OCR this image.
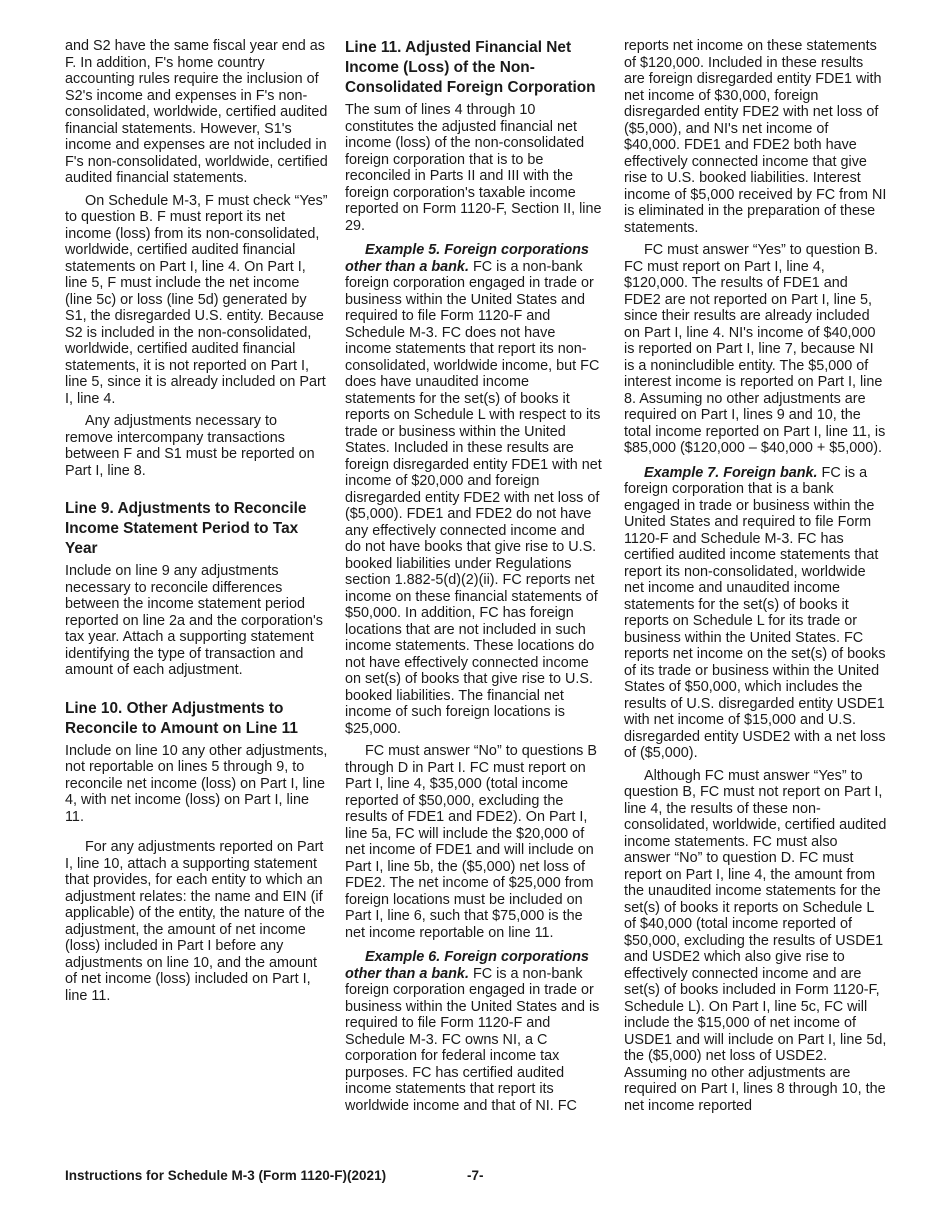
and S2 have the same fiscal year end as F. In addition, F's home country accounting rules require the inclusion of S2's income and expenses in F's non-consolidated, worldwide, certified audited financial statements. However, S1's income and expenses are not included in F's non-consolidated, worldwide, certified audited financial statements.

On Schedule M-3, F must check “Yes” to question B. F must report its net income (loss) from its non-consolidated, worldwide, certified audited financial statements on Part I, line 4. On Part I, line 5, F must include the net income (line 5c) or loss (line 5d) generated by S1, the disregarded U.S. entity. Because S2 is included in the non-consolidated, worldwide, certified audited financial statements, it is not reported on Part I, line 5, since it is already included on Part I, line 4.

Any adjustments necessary to remove intercompany transactions between F and S1 must be reported on Part I, line 8.

Line 9. Adjustments to Reconcile Income Statement Period to Tax Year

Include on line 9 any adjustments necessary to reconcile differences between the income statement period reported on line 2a and the corporation's tax year. Attach a supporting statement identifying the type of transaction and amount of each adjustment.

Line 10. Other Adjustments to Reconcile to Amount on Line 11

Include on line 10 any other adjustments, not reportable on lines 5 through 9, to reconcile net income (loss) on Part I, line 4, with net income (loss) on Part I, line 11.

For any adjustments reported on Part I, line 10, attach a supporting statement that provides, for each entity to which an adjustment relates: the name and EIN (if applicable) of the entity, the nature of the adjustment, the amount of net income (loss) included in Part I before any adjustments on line 10, and the amount of net income (loss) included on Part I, line 11.

Line 11. Adjusted Financial Net Income (Loss) of the Non-Consolidated Foreign Corporation

The sum of lines 4 through 10 constitutes the adjusted financial net income (loss) of the non-consolidated foreign corporation that is to be reconciled in Parts II and III with the foreign corporation's taxable income reported on Form 1120-F, Section II, line 29.

Example 5. Foreign corporations other than a bank. FC is a non-bank foreign corporation engaged in trade or business within the United States and required to file Form 1120-F and Schedule M-3. FC does not have income statements that report its non-consolidated, worldwide income, but FC does have unaudited income statements for the set(s) of books it reports on Schedule L with respect to its trade or business within the United States. Included in these results are foreign disregarded entity FDE1 with net income of $20,000 and foreign disregarded entity FDE2 with net loss of ($5,000). FDE1 and FDE2 do not have any effectively connected income and do not have books that give rise to U.S. booked liabilities under Regulations section 1.882-5(d)(2)(ii). FC reports net income on these financial statements of $50,000. In addition, FC has foreign locations that are not included in such income statements. These locations do not have effectively connected income on set(s) of books that give rise to U.S. booked liabilities. The financial net income of such foreign locations is $25,000.

FC must answer “No” to questions B through D in Part I. FC must report on Part I, line 4, $35,000 (total income reported of $50,000, excluding the results of FDE1 and FDE2). On Part I, line 5a, FC will include the $20,000 of net income of FDE1 and will include on Part I, line 5b, the ($5,000) net loss of FDE2. The net income of $25,000 from foreign locations must be included on Part I, line 6, such that $75,000 is the net income reportable on line 11.

Example 6. Foreign corporations other than a bank. FC is a non-bank foreign corporation engaged in trade or business within the United States and is required to file Form 1120-F and Schedule M-3. FC owns NI, a C corporation for federal income tax purposes. FC has certified audited income statements that report its worldwide income and that of NI. FC

reports net income on these statements of $120,000. Included in these results are foreign disregarded entity FDE1 with net income of $30,000, foreign disregarded entity FDE2 with net loss of ($5,000), and NI's net income of $40,000. FDE1 and FDE2 both have effectively connected income that give rise to U.S. booked liabilities. Interest income of $5,000 received by FC from NI is eliminated in the preparation of these statements.

FC must answer “Yes” to question B. FC must report on Part I, line 4, $120,000. The results of FDE1 and FDE2 are not reported on Part I, line 5, since their results are already included on Part I, line 4. NI's income of $40,000 is reported on Part I, line 7, because NI is a nonincludible entity. The $5,000 of interest income is reported on Part I, line 8. Assuming no other adjustments are required on Part I, lines 9 and 10, the total income reported on Part I, line 11, is $85,000 ($120,000 – $40,000 + $5,000).

Example 7. Foreign bank. FC is a foreign corporation that is a bank engaged in trade or business within the United States and required to file Form 1120-F and Schedule M-3. FC has certified audited income statements that report its non-consolidated, worldwide net income and unaudited income statements for the set(s) of books it reports on Schedule L for its trade or business within the United States. FC reports net income on the set(s) of books of its trade or business within the United States of $50,000, which includes the results of U.S. disregarded entity USDE1 with net income of $15,000 and U.S. disregarded entity USDE2 with a net loss of ($5,000).

Although FC must answer “Yes” to question B, FC must not report on Part I, line 4, the results of these non-consolidated, worldwide, certified audited income statements. FC must also answer “No” to question D. FC must report on Part I, line 4, the amount from the unaudited income statements for the set(s) of books it reports on Schedule L of $40,000 (total income reported of $50,000, excluding the results of USDE1 and USDE2 which also give rise to effectively connected income and are set(s) of books included in Form 1120-F, Schedule L). On Part I, line 5c, FC will include the $15,000 of net income of USDE1 and will include on Part I, line 5d, the ($5,000) net loss of USDE2. Assuming no other adjustments are required on Part I, lines 8 through 10, the net income reported

Instructions for Schedule M-3 (Form 1120-F)(2021)	-7-
